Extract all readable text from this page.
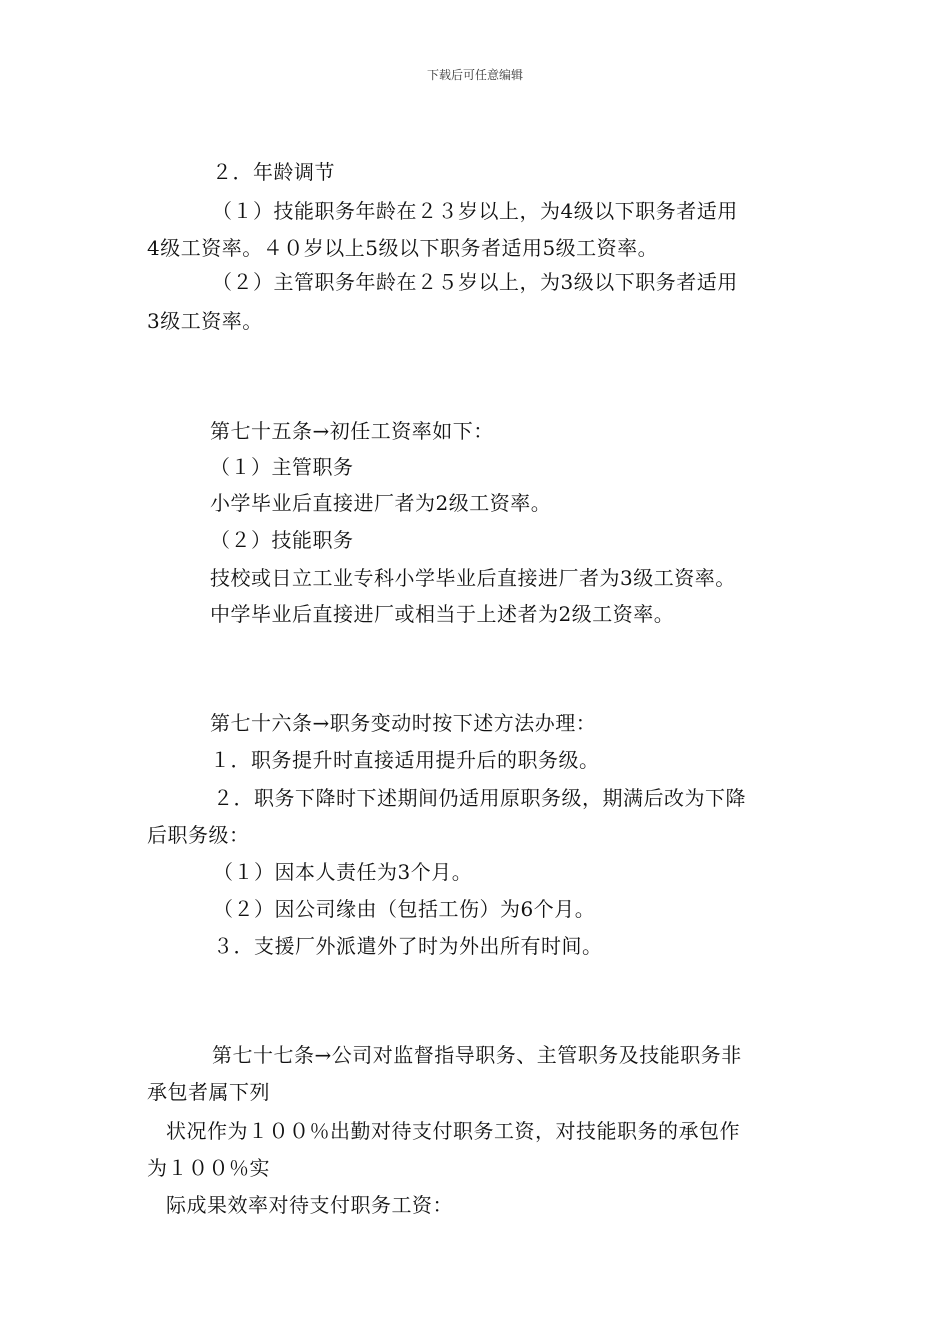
下载后可任意编辑
２．年龄调节
（１）技能职务年龄在２３岁以上，为4级以下职务者适用
4级工资率。４０岁以上5级以下职务者适用5级工资率。
（２）主管职务年龄在２５岁以上，为3级以下职务者适用
3级工资率。
第七十五条→初任工资率如下：
（１）主管职务
小学毕业后直接进厂者为2级工资率。
（２）技能职务
技校或日立工业专科小学毕业后直接进厂者为3级工资率。
中学毕业后直接进厂或相当于上述者为2级工资率。
第七十六条→职务变动时按下述方法办理：
１．职务提升时直接适用提升后的职务级。
２．职务下降时下述期间仍适用原职务级，期满后改为下降
后职务级：
（１）因本人责任为3个月。
（２）因公司缘由（包括工伤）为6个月。
３．支援厂外派遣外了时为外出所有时间。
第七十七条→公司对监督指导职务、主管职务及技能职务非
承包者属下列
状况作为１００％出勤对待支付职务工资，对技能职务的承包作
为１００％实
际成果效率对待支付职务工资：
